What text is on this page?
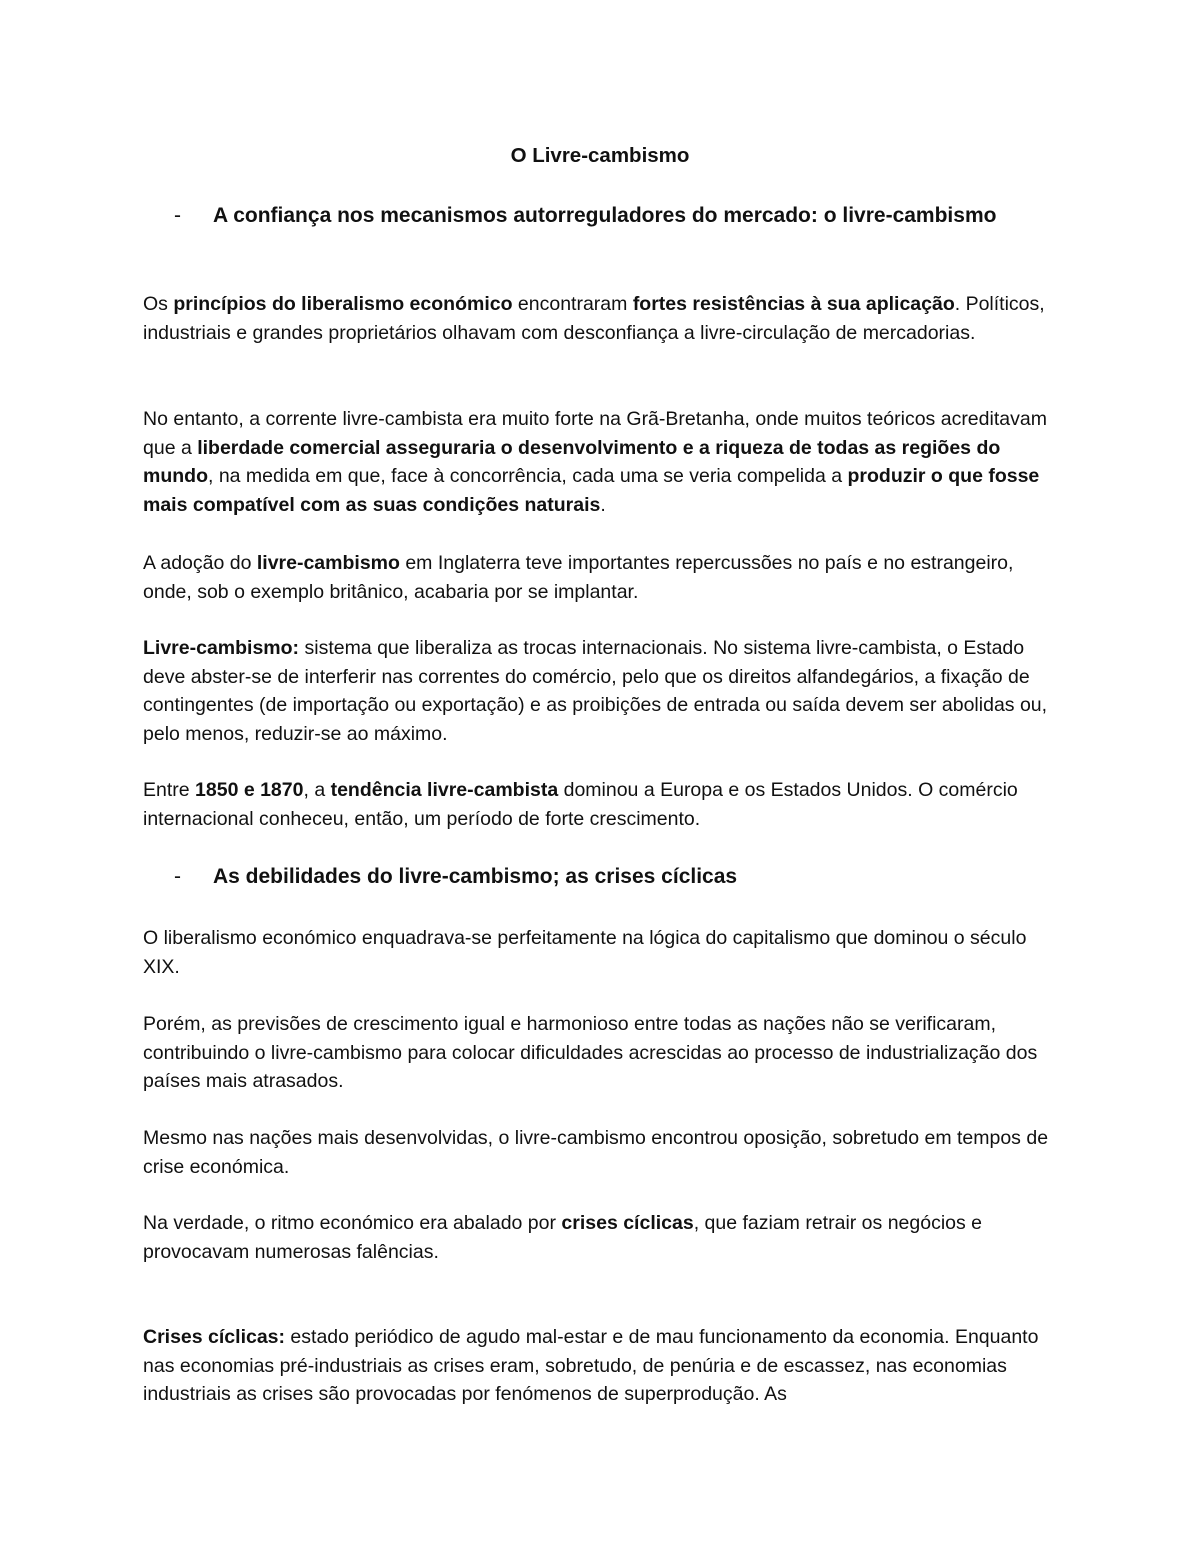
O Livre-cambismo
- A confiança nos mecanismos autorreguladores do mercado: o livre-cambismo

Os princípios do liberalismo económico encontraram fortes resistências à sua aplicação. Políticos, industriais e grandes proprietários olhavam com desconfiança a livre-circulação de mercadorias.

No entanto, a corrente livre-cambista era muito forte na Grã-Bretanha, onde muitos teóricos acreditavam que a liberdade comercial asseguraria o desenvolvimento e a riqueza de todas as regiões do mundo, na medida em que, face à concorrência, cada uma se veria compelida a produzir o que fosse mais compatível com as suas condições naturais.

A adoção do livre-cambismo em Inglaterra teve importantes repercussões no país e no estrangeiro, onde, sob o exemplo britânico, acabaria por se implantar.

Livre-cambismo: sistema que liberaliza as trocas internacionais. No sistema livre-cambista, o Estado deve abster-se de interferir nas correntes do comércio, pelo que os direitos alfandegários, a fixação de contingentes (de importação ou exportação) e as proibições de entrada ou saída devem ser abolidas ou, pelo menos, reduzir-se ao máximo.

Entre 1850 e 1870, a tendência livre-cambista dominou a Europa e os Estados Unidos. O comércio internacional conheceu, então, um período de forte crescimento.

- As debilidades do livre-cambismo; as crises cíclicas

O liberalismo económico enquadrava-se perfeitamente na lógica do capitalismo que dominou o século XIX.

Porém, as previsões de crescimento igual e harmonioso entre todas as nações não se verificaram, contribuindo o livre-cambismo para colocar dificuldades acrescidas ao processo de industrialização dos países mais atrasados.

Mesmo nas nações mais desenvolvidas, o livre-cambismo encontrou oposição, sobretudo em tempos de crise económica.

Na verdade, o ritmo económico era abalado por crises cíclicas, que faziam retrair os negócios e provocavam numerosas falências.

Crises cíclicas: estado periódico de agudo mal-estar e de mau funcionamento da economia. Enquanto nas economias pré-industriais as crises eram, sobretudo, de penúria e de escassez, nas economias industriais as crises são provocadas por fenómenos de superprodução. As
